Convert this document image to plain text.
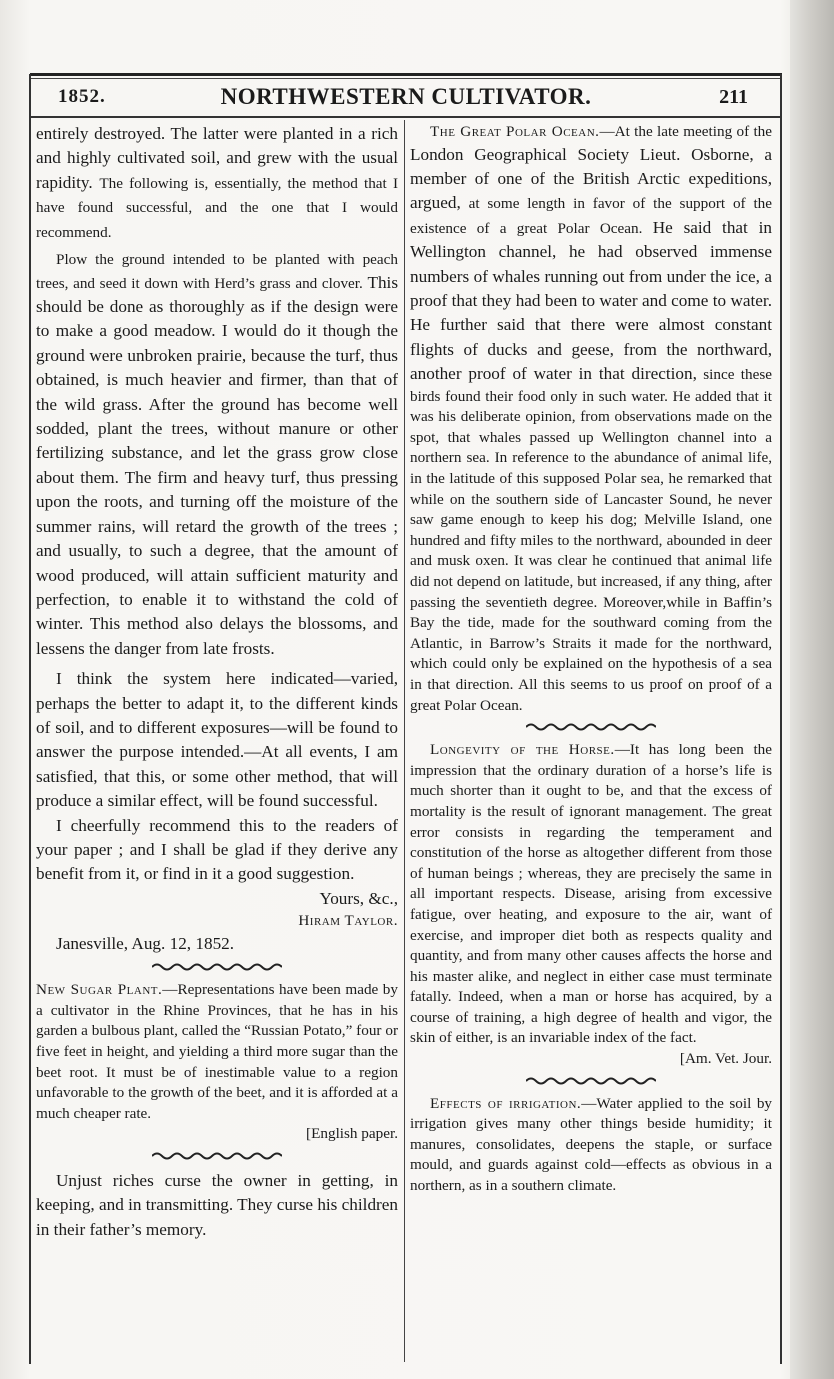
1852.	NORTHWESTERN CULTIVATOR.	211

entirely destroyed. The latter were planted in a rich and highly cultivated soil, and grew with the usual rapidity. The following is, essentially, the method that I have found successful, and the one that I would recommend.

Plow the ground intended to be planted with peach trees, and seed it down with Herd’s grass and clover. This should be done as thoroughly as if the design were to make a good meadow. I would do it though the ground were unbroken prairie, because the turf, thus obtained, is much heavier and firmer, than that of the wild grass. After the ground has become well sodded, plant the trees, without manure or other fertilizing substance, and let the grass grow close about them. The firm and heavy turf, thus pressing upon the roots, and turning off the moisture of the summer rains, will retard the growth of the trees ; and usually, to such a degree, that the amount of wood produced, will attain sufficient maturity and perfection, to enable it to withstand the cold of winter. This method also delays the blossoms, and lessens the danger from late frosts.

I think the system here indicated—varied, perhaps the better to adapt it, to the different kinds of soil, and to different exposures—will be found to answer the purpose intended.—At all events, I am satisfied, that this, or some other method, that will produce a similar effect, will be found successful.

I cheerfully recommend this to the readers of your paper ; and I shall be glad if they derive any benefit from it, or find in it a good suggestion.

Yours, &c.,

Hiram Taylor.

Janesville, Aug. 12, 1852.

New Sugar Plant.—Representations have been made by a cultivator in the Rhine Provinces, that he has in his garden a bulbous plant, called the “Russian Potato,” four or five feet in height, and yielding a third more sugar than the beet root. It must be of inestimable value to a region unfavorable to the growth of the beet, and it is afforded at a much cheaper rate.

[English paper.

Unjust riches curse the owner in getting, in keeping, and in transmitting. They curse his children in their father’s memory.

The Great Polar Ocean.—At the late meeting of the London Geographical Society Lieut. Osborne, a member of one of the British Arctic expeditions, argued, at some length in favor of the support of the existence of a great Polar Ocean. He said that in Wellington channel, he had observed immense numbers of whales running out from under the ice, a proof that they had been to water and come to water. He further said that there were almost constant flights of ducks and geese, from the northward, another proof of water in that direction, since these birds found their food only in such water. He added that it was his deliberate opinion, from observations made on the spot, that whales passed up Wellington channel into a northern sea. In reference to the abundance of animal life, in the latitude of this supposed Polar sea, he remarked that while on the southern side of Lancaster Sound, he never saw game enough to keep his dog; Melville Island, one hundred and fifty miles to the northward, abounded in deer and musk oxen. It was clear he continued that animal life did not depend on latitude, but increased, if any thing, after passing the seventieth degree. Moreover,while in Baffin’s Bay the tide, made for the southward coming from the Atlantic, in Barrow’s Straits it made for the northward, which could only be explained on the hypothesis of a sea in that direction. All this seems to us proof on proof of a great Polar Ocean.

Longevity of the Horse.—It has long been the impression that the ordinary duration of a horse’s life is much shorter than it ought to be, and that the excess of mortality is the result of ignorant management. The great error consists in regarding the temperament and constitution of the horse as altogether different from those of human beings ; whereas, they are precisely the same in all important respects. Disease, arising from excessive fatigue, over heating, and exposure to the air, want of exercise, and improper diet both as respects quality and quantity, and from many other causes affects the horse and his master alike, and neglect in either case must terminate fatally. Indeed, when a man or horse has acquired, by a course of training, a high degree of health and vigor, the skin of either, is an invariable index of the fact.

[Am. Vet. Jour.

Effects of irrigation.—Water applied to the soil by irrigation gives many other things beside humidity; it manures, consolidates, deepens the staple, or surface mould, and guards against cold—effects as obvious in a northern, as in a southern climate.
